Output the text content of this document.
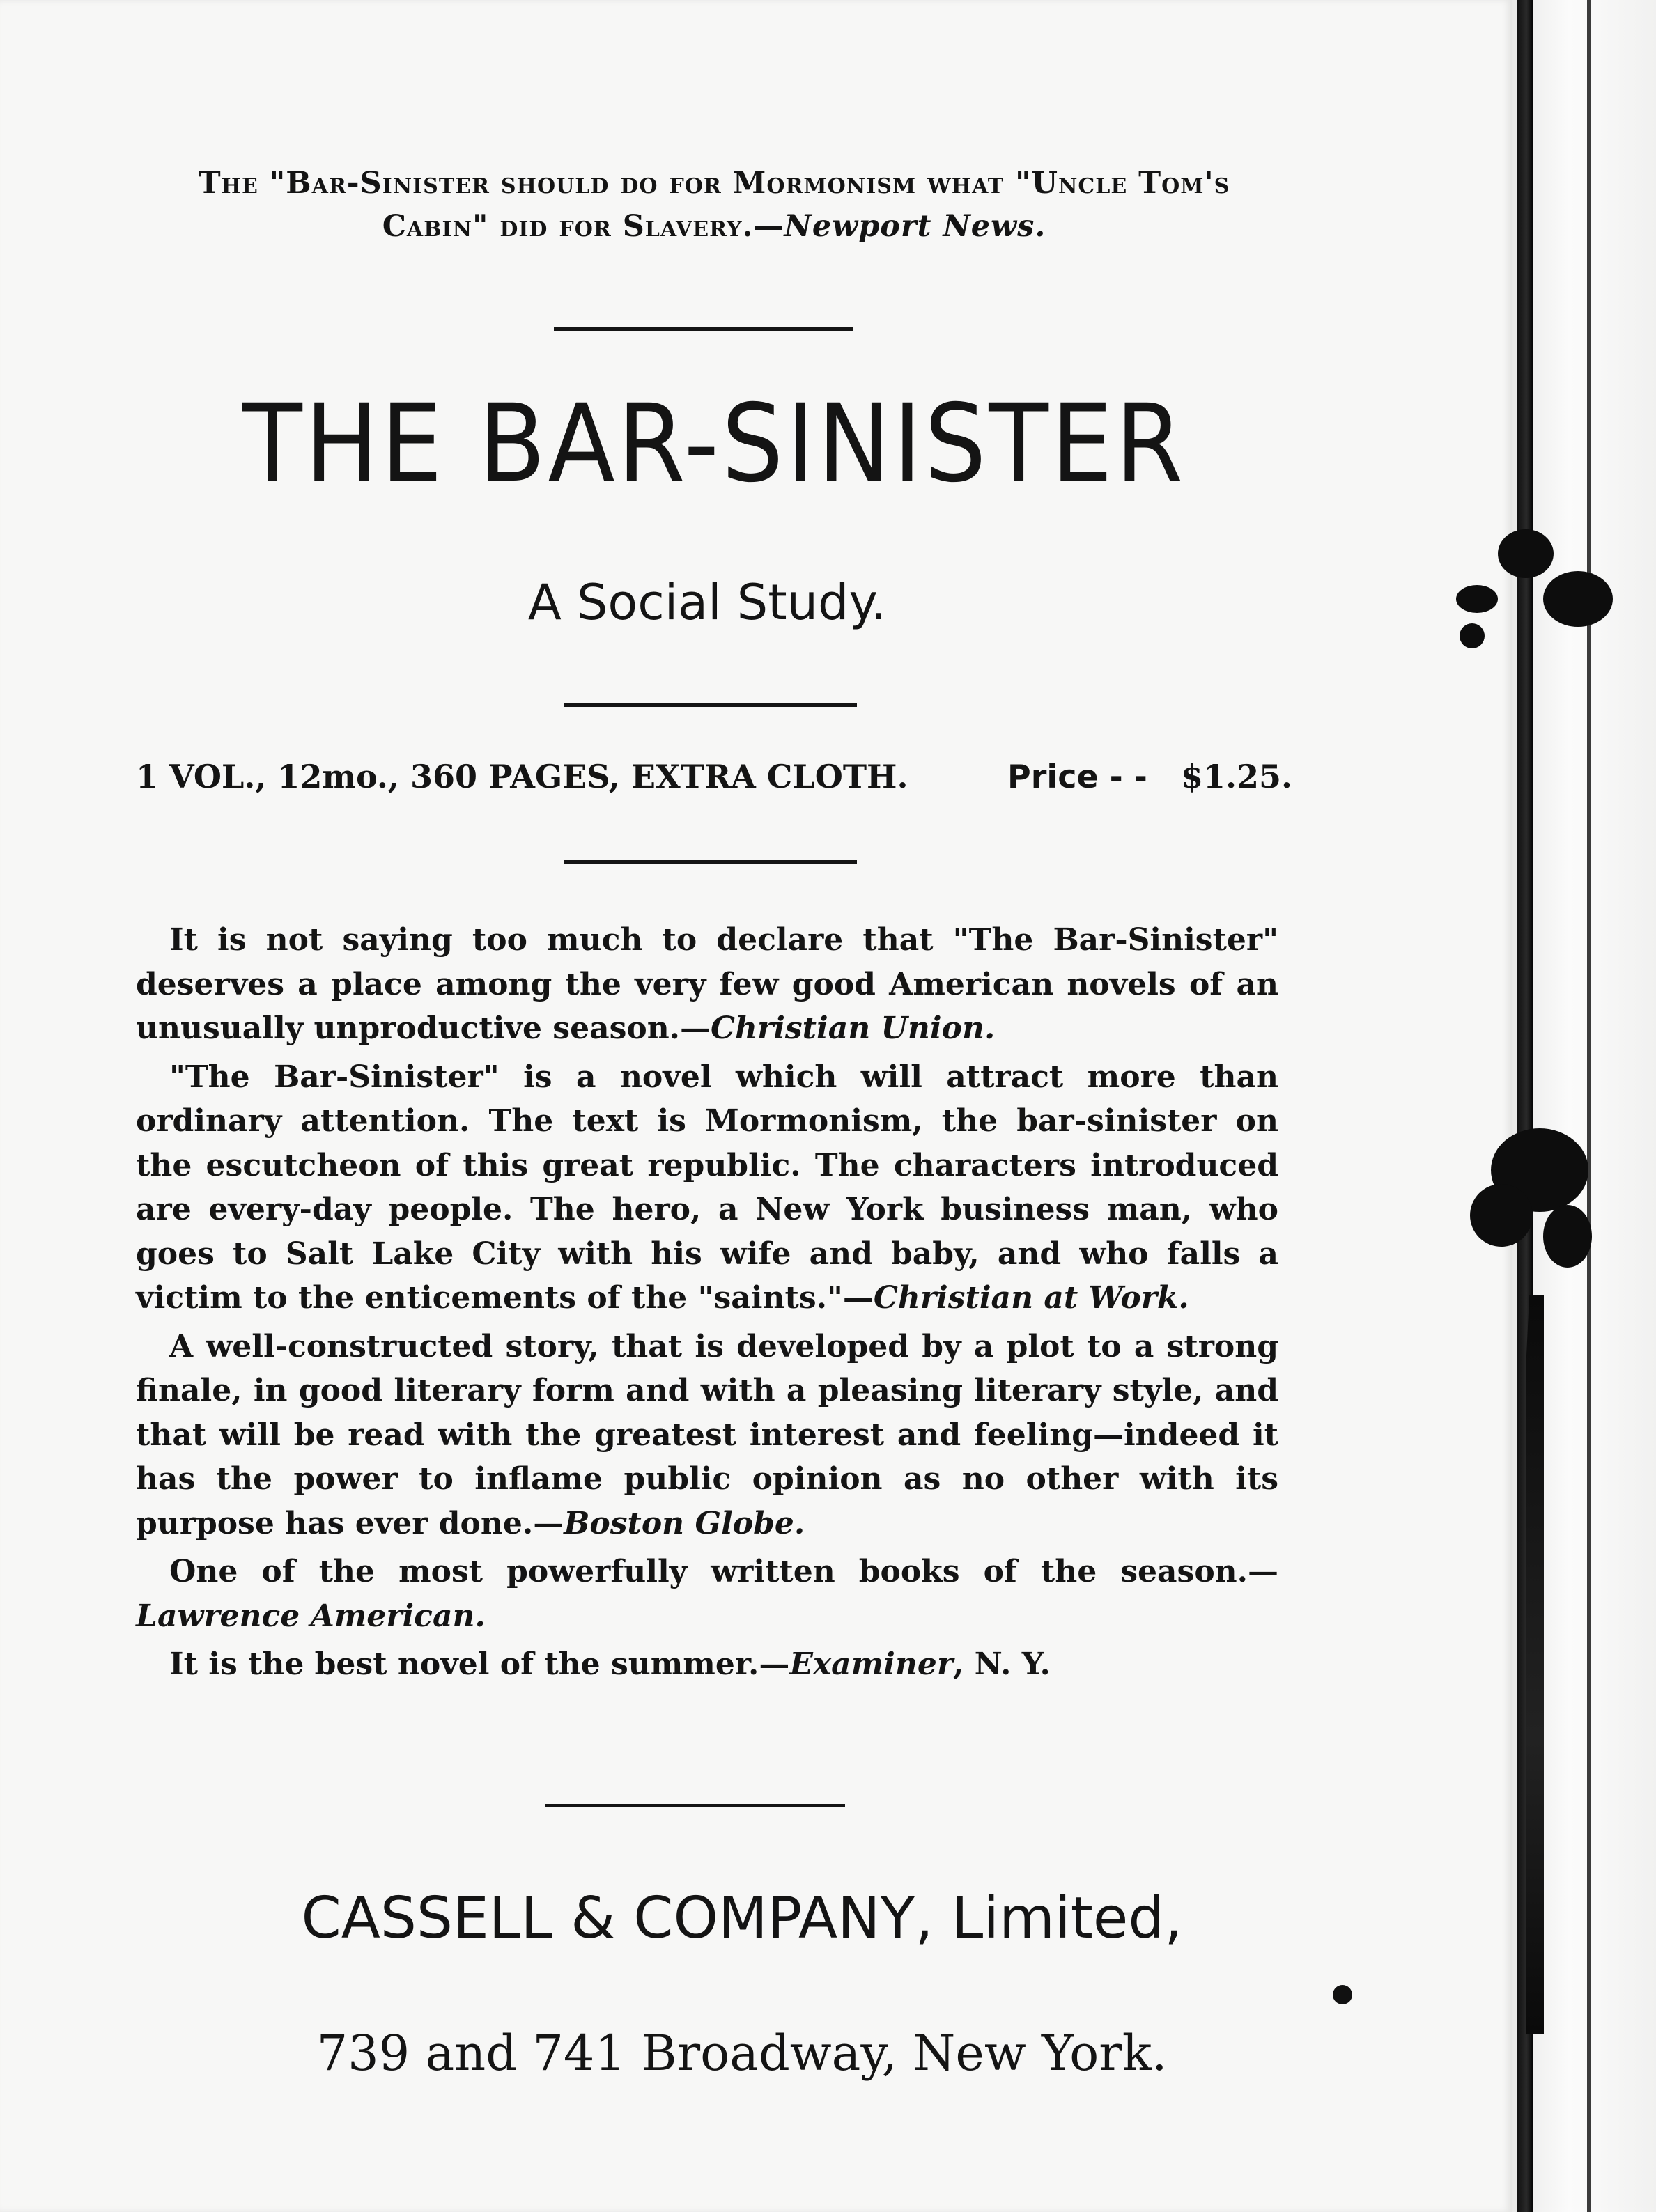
The "Bar-Sinister should do for Mormonism what "Uncle Tom's Cabin" did for Slavery.—Newport News.
THE BAR-SINISTER
A Social Study.
1 VOL., 12mo., 360 PAGES, EXTRA CLOTH.	Price - - $1.25.

It is not saying too much to declare that "The Bar-Sinister" deserves a place among the very few good American novels of an unusually unproductive season.—Christian Union.

"The Bar-Sinister" is a novel which will attract more than ordinary attention. The text is Mormonism, the bar-sinister on the escutcheon of this great republic. The characters introduced are every-day people. The hero, a New York business man, who goes to Salt Lake City with his wife and baby, and who falls a victim to the enticements of the "saints."—Christian at Work.

A well-constructed story, that is developed by a plot to a strong finale, in good literary form and with a pleasing literary style, and that will be read with the greatest interest and feeling—indeed it has the power to inflame public opinion as no other with its purpose has ever done.—Boston Globe.

One of the most powerfully written books of the season.—Lawrence American.

It is the best novel of the summer.—Examiner, N. Y.

CASSELL & COMPANY, Limited,
739 and 741 Broadway, New York.
